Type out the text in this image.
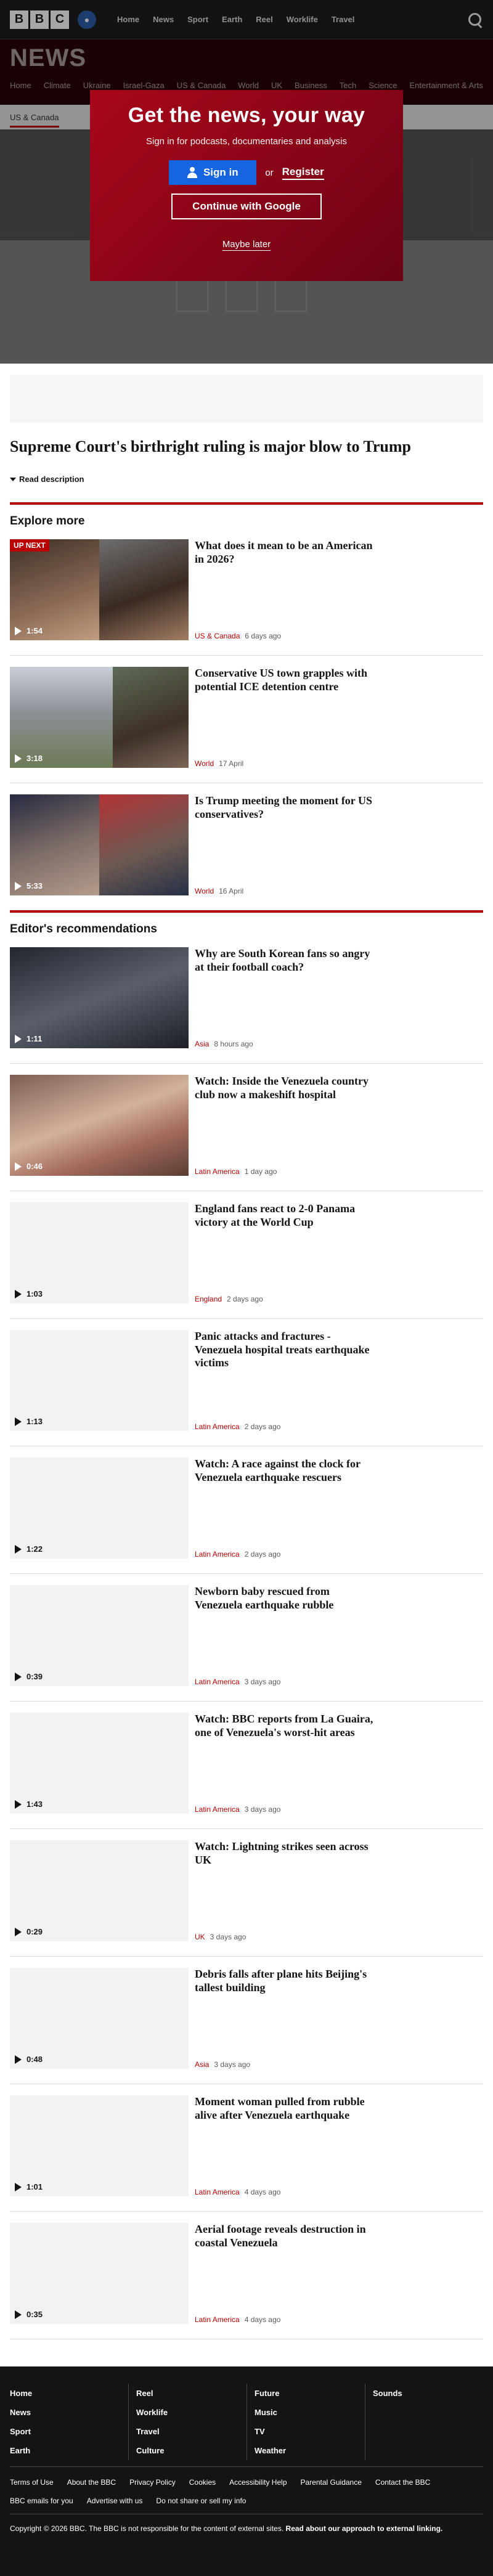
B B C	●	Home News Sport Earth Reel Worklife Travel
NEWS
Home Climate Ukraine Israel-Gaza US & Canada World UK Business Tech Science Entertainment & Arts
US & Canada	Get the news, your way

Sign in for podcasts, documentaries and analysis

Sign in	or Register
Continue with Google
Maybe later
Supreme Court's birthright ruling is major blow to Trump
Read description
Explore more
UP NEXT
1:54
What does it mean to be an American in 2026?
US & Canada 6 days ago
3:18
Conservative US town grapples with potential ICE detention centre
World 17 April
5:33
Is Trump meeting the moment for US conservatives?
World 16 April
Editor's recommendations
1:11
Why are South Korean fans so angry at their football coach?
Asia 8 hours ago
0:46
Watch: Inside the Venezuela country club now a makeshift hospital
Latin America 1 day ago
1:03
England fans react to 2-0 Panama victory at the World Cup
England 2 days ago
1:13
Panic attacks and fractures - Venezuela hospital treats earthquake victims
Latin America 2 days ago
1:22
Watch: A race against the clock for Venezuela earthquake rescuers
Latin America 2 days ago
0:39
Newborn baby rescued from Venezuela earthquake rubble
Latin America 3 days ago
1:43
Watch: BBC reports from La Guaira, one of Venezuela's worst-hit areas
Latin America 3 days ago
0:29
Watch: Lightning strikes seen across UK
UK 3 days ago
0:48
Debris falls after plane hits Beijing's tallest building
Asia 3 days ago
1:01
Moment woman pulled from rubble alive after Venezuela earthquake
Latin America 4 days ago
0:35
Aerial footage reveals destruction in coastal Venezuela
Latin America 4 days ago
Home
News
Sport
Earth
Reel
Worklife
Travel
Culture
Future
Music
TV
Weather
Sounds
Terms of Use About the BBC Privacy Policy Cookies Accessibility Help Parental Guidance Contact the BBC
BBC emails for you Advertise with us Do not share or sell my info

Copyright © 2026 BBC. The BBC is not responsible for the content of external sites. Read about our approach to external linking.
